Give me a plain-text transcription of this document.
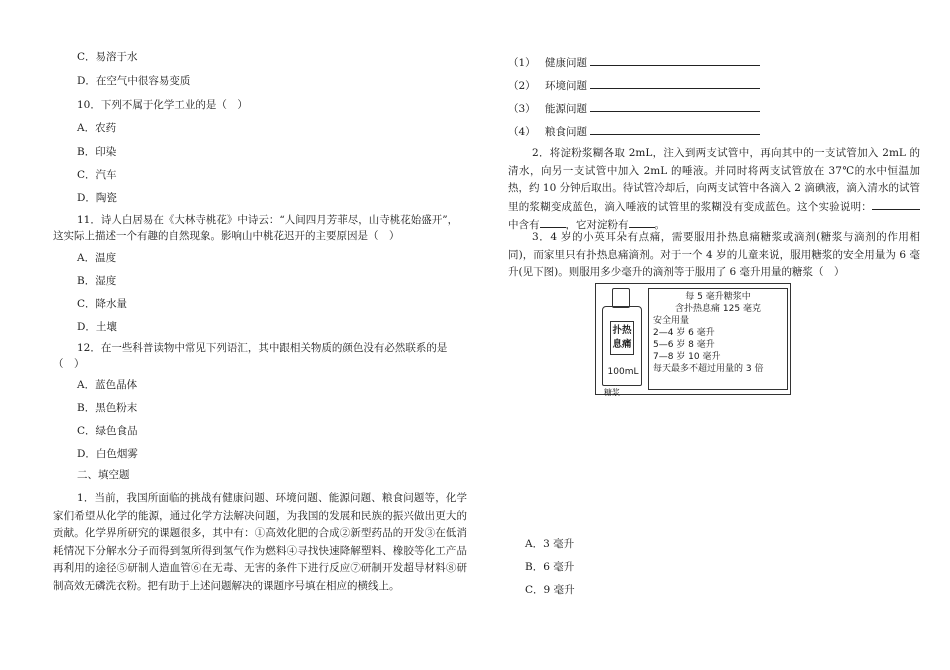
C．易溶于水
D．在空气中很容易变质
10．下列不属于化学工业的是（　）
A．农药
B．印染
C．汽车
D．陶瓷
11．诗人白居易在《大林寺桃花》中诗云：“人间四月芳菲尽，山寺桃花始盛开”，
这实际上描述一个有趣的自然现象。影响山中桃花迟开的主要原因是（　）
A．温度
B．湿度
C．降水量
D．土壤
12．在一些科普读物中常见下列语汇，其中跟相关物质的颜色没有必然联系的是
（　）
A．蓝色晶体
B．黑色粉末
C．绿色食品
D．白色烟雾
二、填空题
1．当前，我国所面临的挑战有健康问题、环境问题、能源问题、粮食问题等，化学家们希望从化学的能源，通过化学方法解决问题，为我国的发展和民族的振兴做出更大的贡献。化学界所研究的课题很多，其中有：①高效化肥的合成②新型药品的开发③在低消耗情况下分解水分子而得到氢所得到氢气作为燃料④寻找快速降解塑料、橡胶等化工产品再利用的途径⑤研制人造血管⑥在无毒、无害的条件下进行反应⑦研制开发超导材料⑧研制高效无磷洗衣粉。把有助于上述问题解决的课题序号填在相应的横线上。
（1） 健康问题
（2） 环境问题
（3） 能源问题
（4） 粮食问题
2．将淀粉浆糊各取 2mL，注入到两支试管中，再向其中的一支试管加入 2mL 的清水，向另一支试管中加入 2mL 的唾液。并同时将两支试管放在 37℃的水中恒温加热，约 10 分钟后取出。待试管冷却后，向两支试管中各滴入 2 滴碘液，滴入清水的试管里的浆糊变成蓝色，滴入唾液的试管里的浆糊没有变成蓝色。这个实验说明：中含有 ，它对淀粉有 。
3．4 岁的小英耳朵有点痛，需要服用扑热息痛糖浆或滴剂(糖浆与滴剂的作用相同)，而家里只有扑热息痛滴剂。对于一个 4 岁的儿童来说，服用糖浆的安全用量为 6 毫升(见下图)。则服用多少毫升的滴剂等于服用了 6 毫升用量的糖浆（　）
A．3 毫升
B．6 毫升
C．9 毫升
扑热息痛
100mL
糖浆
每 5 毫升糖浆中
含扑热息痛 125 毫克
安全用量
2—4 岁 6 毫升
5—6 岁 8 毫升
7—8 岁 10 毫升
每天最多不超过用量的 3 倍
